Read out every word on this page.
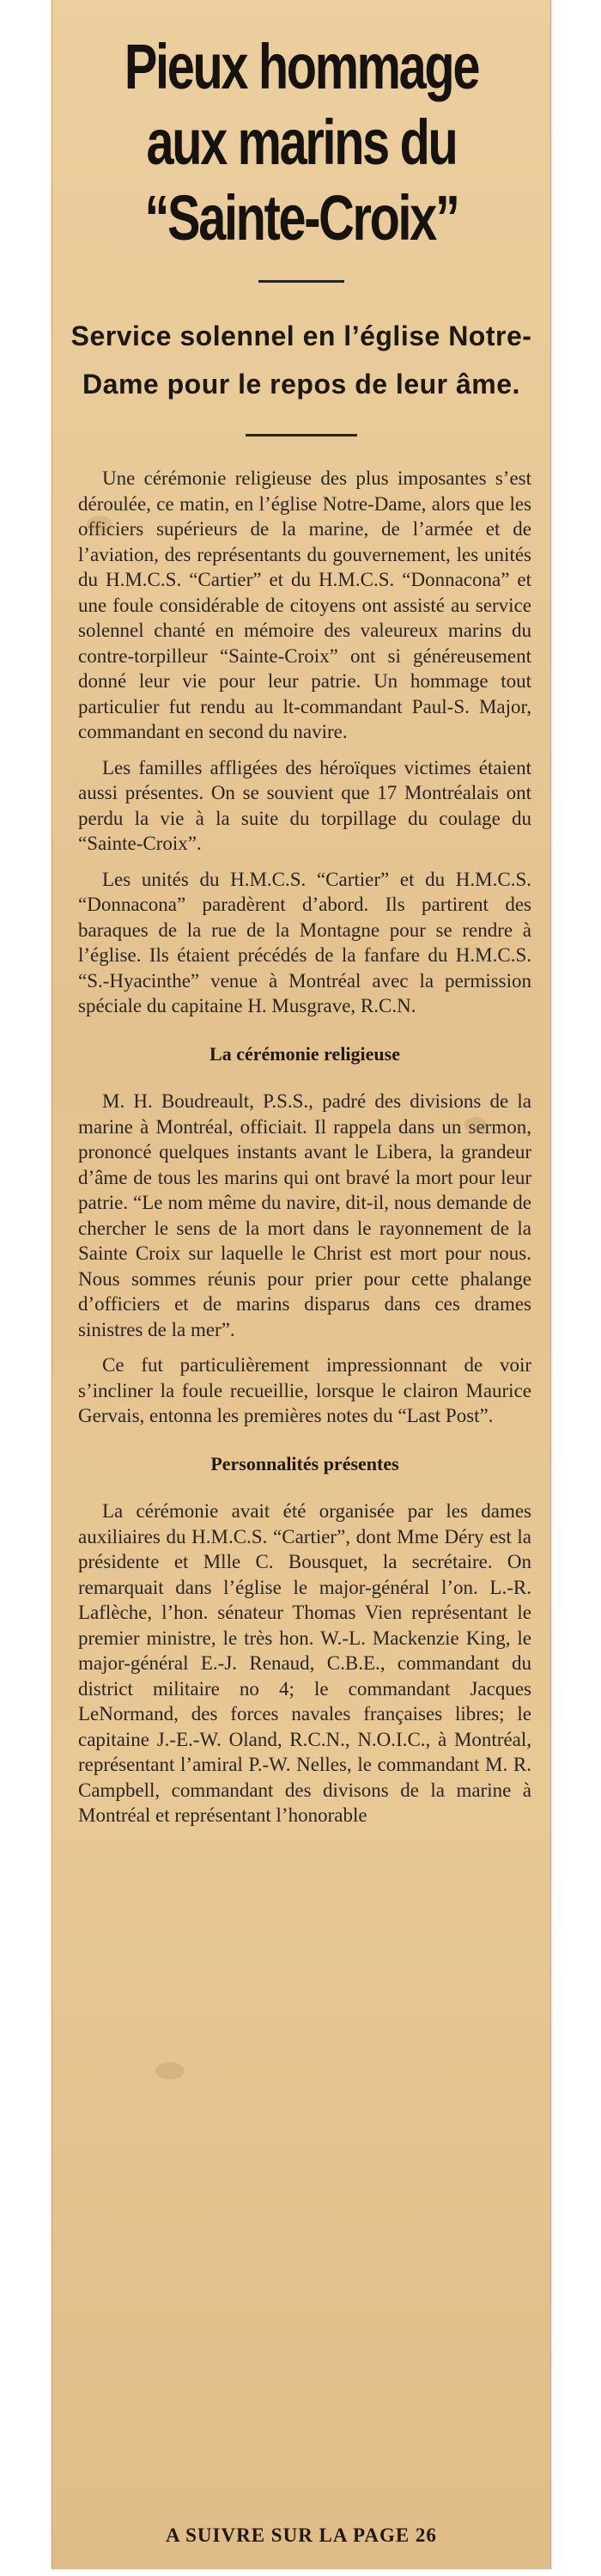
Pieux hommage
aux marins du
“Sainte-Croix”
Service solennel en l’église Notre-Dame pour le repos de leur âme.

Une cérémonie religieuse des plus imposantes s’est déroulée, ce matin, en l’église Notre-Dame, alors que les officiers supérieurs de la marine, de l’armée et de l’aviation, des représentants du gouvernement, les unités du H.M.C.S. “Cartier” et du H.M.C.S. “Donnacona” et une foule considérable de citoyens ont assisté au service solennel chanté en mémoire des valeureux marins du contre-torpilleur “Sainte-Croix” ont si généreusement donné leur vie pour leur patrie. Un hommage tout particulier fut rendu au lt-commandant Paul-S. Major, commandant en second du navire.

Les familles affligées des héroïques victimes étaient aussi présentes. On se souvient que 17 Montréalais ont perdu la vie à la suite du torpillage du coulage du “Sainte-Croix”.

Les unités du H.M.C.S. “Cartier” et du H.M.C.S. “Donnacona” paradèrent d’abord. Ils partirent des baraques de la rue de la Montagne pour se rendre à l’église. Ils étaient précédés de la fanfare du H.M.C.S. “S.-Hyacinthe” venue à Montréal avec la permission spéciale du capitaine H. Musgrave, R.C.N.

La cérémonie religieuse

M. H. Boudreault, P.S.S., padré des divisions de la marine à Montréal, officiait. Il rappela dans un sermon, prononcé quelques instants avant le Libera, la grandeur d’âme de tous les marins qui ont bravé la mort pour leur patrie. “Le nom même du navire, dit-il, nous demande de chercher le sens de la mort dans le rayonnement de la Sainte Croix sur laquelle le Christ est mort pour nous. Nous sommes réunis pour prier pour cette phalange d’officiers et de marins disparus dans ces drames sinistres de la mer”.

Ce fut particulièrement impressionnant de voir s’incliner la foule recueillie, lorsque le clairon Maurice Gervais, entonna les premières notes du “Last Post”.

Personnalités présentes

La cérémonie avait été organisée par les dames auxiliaires du H.M.C.S. “Cartier”, dont Mme Déry est la présidente et Mlle C. Bousquet, la secrétaire. On remarquait dans l’église le major-général l’on. L.-R. Laflèche, l’hon. sénateur Thomas Vien représentant le premier ministre, le très hon. W.-L. Mackenzie King, le major-général E.-J. Renaud, C.B.E., commandant du district militaire no 4; le commandant Jacques LeNormand, des forces navales françaises libres; le capitaine J.-E.-W. Oland, R.C.N., N.O.I.C., à Montréal, représentant l’amiral P.-W. Nelles, le commandant M. R. Campbell, commandant des divisons de la marine à Montréal et représentant l’honorable

A SUIVRE SUR LA PAGE 26
